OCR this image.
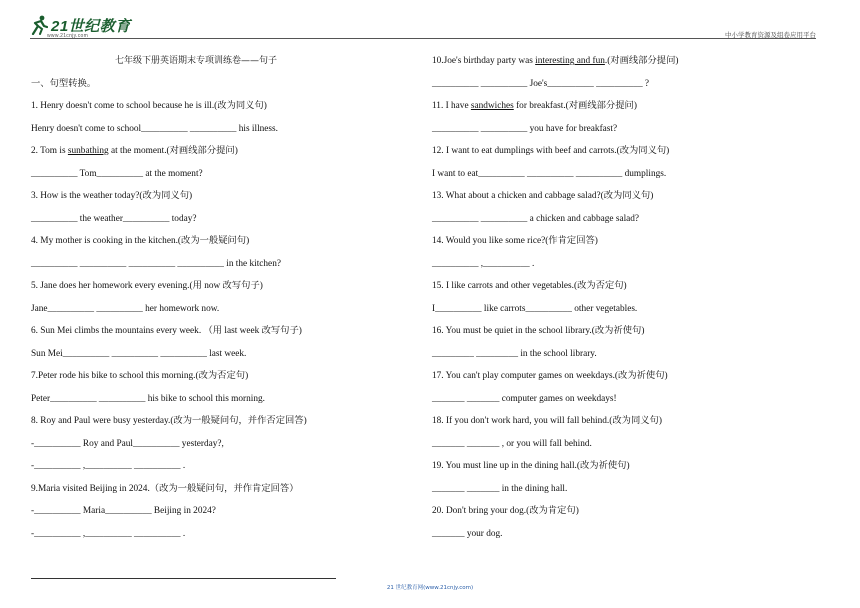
21世纪教育
www.21cnjy.com	中小学教育资源及组卷应用平台
七年级下册英语期末专项训练卷——句子
一、句型转换。
1. Henry doesn't come to school because he is ill.(改为同义句)
Henry doesn't come to school__________ __________ his illness.
2. Tom is sunbathing at the moment.(对画线部分提问)
__________ Tom__________ at the moment?
3. How is the weather today?(改为同义句)
__________ the weather__________ today?
4. My mother is cooking in the kitchen.(改为一般疑问句)
__________ __________ __________ __________ in the kitchen?
5. Jane does her homework every evening.(用 now 改写句子)
Jane__________ __________ her homework now.
6. Sun Mei climbs the mountains every week. （用 last week 改写句子)
Sun Mei__________ __________ __________ last week.
7.Peter rode his bike to school this morning.(改为否定句)
Peter__________ __________ his bike to school this morning.
8. Roy and Paul were busy yesterday.(改为一般疑问句，并作否定回答)
-__________ Roy and Paul__________ yesterday?,
-__________ ,__________ __________ .
9.Maria visited Beijing in 2024.（改为一般疑问句，并作肯定回答）
-__________ Maria__________ Beijing in 2024?
-__________ ,__________ __________ .
10.Joe's birthday party was interesting and fun.(对画线部分提问)
__________ __________ Joe's__________ __________ ?
11. I have sandwiches for breakfast.(对画线部分提问)
__________ __________ you have for breakfast?
12. I want to eat dumplings with beef and carrots.(改为同义句)
I want to eat__________ __________ __________ dumplings.
13. What about a chicken and cabbage salad?(改为同义句)
__________ __________ a chicken and cabbage salad?
14. Would you like some rice?(作肯定回答)
__________ ,__________ .
15. I like carrots and other vegetables.(改为否定句)
I__________ like carrots__________ other vegetables.
16. You must be quiet in the school library.(改为祈使句)
_________ _________ in the school library.
17. You can't play computer games on weekdays.(改为祈使句)
_______ _______ computer games on weekdays!
18. If you don't work hard, you will fall behind.(改为同义句)
_______ _______ , or you will fall behind.
19. You must line up in the dining hall.(改为祈使句)
_______ _______ in the dining hall.
20. Don't bring your dog.(改为肯定句)
_______ your dog.
21 世纪教育网(www.21cnjy.com)
